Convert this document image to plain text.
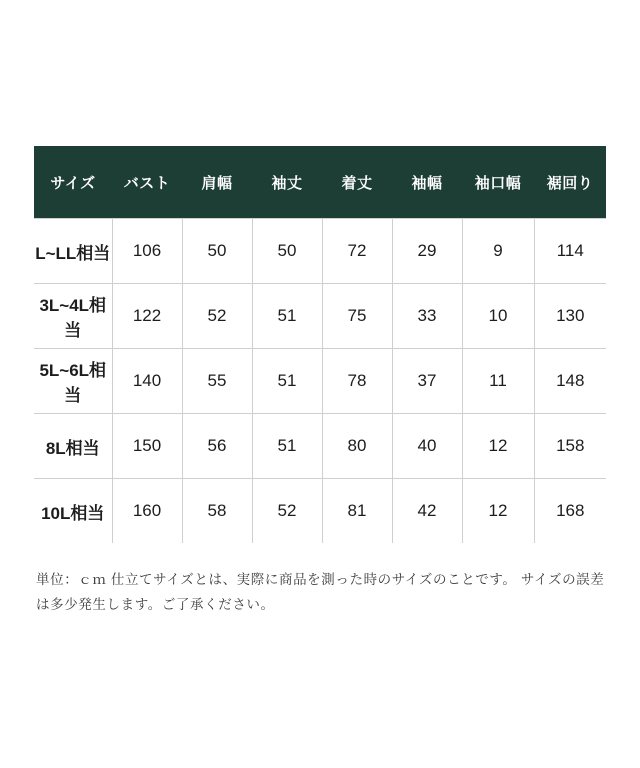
サイズ	バスト	肩幅	袖丈	着丈	袖幅	袖口幅	裾回り
L~LL相当	106	50	50	72	29	9	114
3L~4L相当	122	52	51	75	33	10	130
5L~6L相当	140	55	51	78	37	11	148
8L相当	150	56	51	80	40	12	158
10L相当	160	58	52	81	42	12	168
単位：ｃｍ 仕立てサイズとは、実際に商品を測った時のサイズのことです。 サイズの誤差は多少発生します。ご了承ください。
